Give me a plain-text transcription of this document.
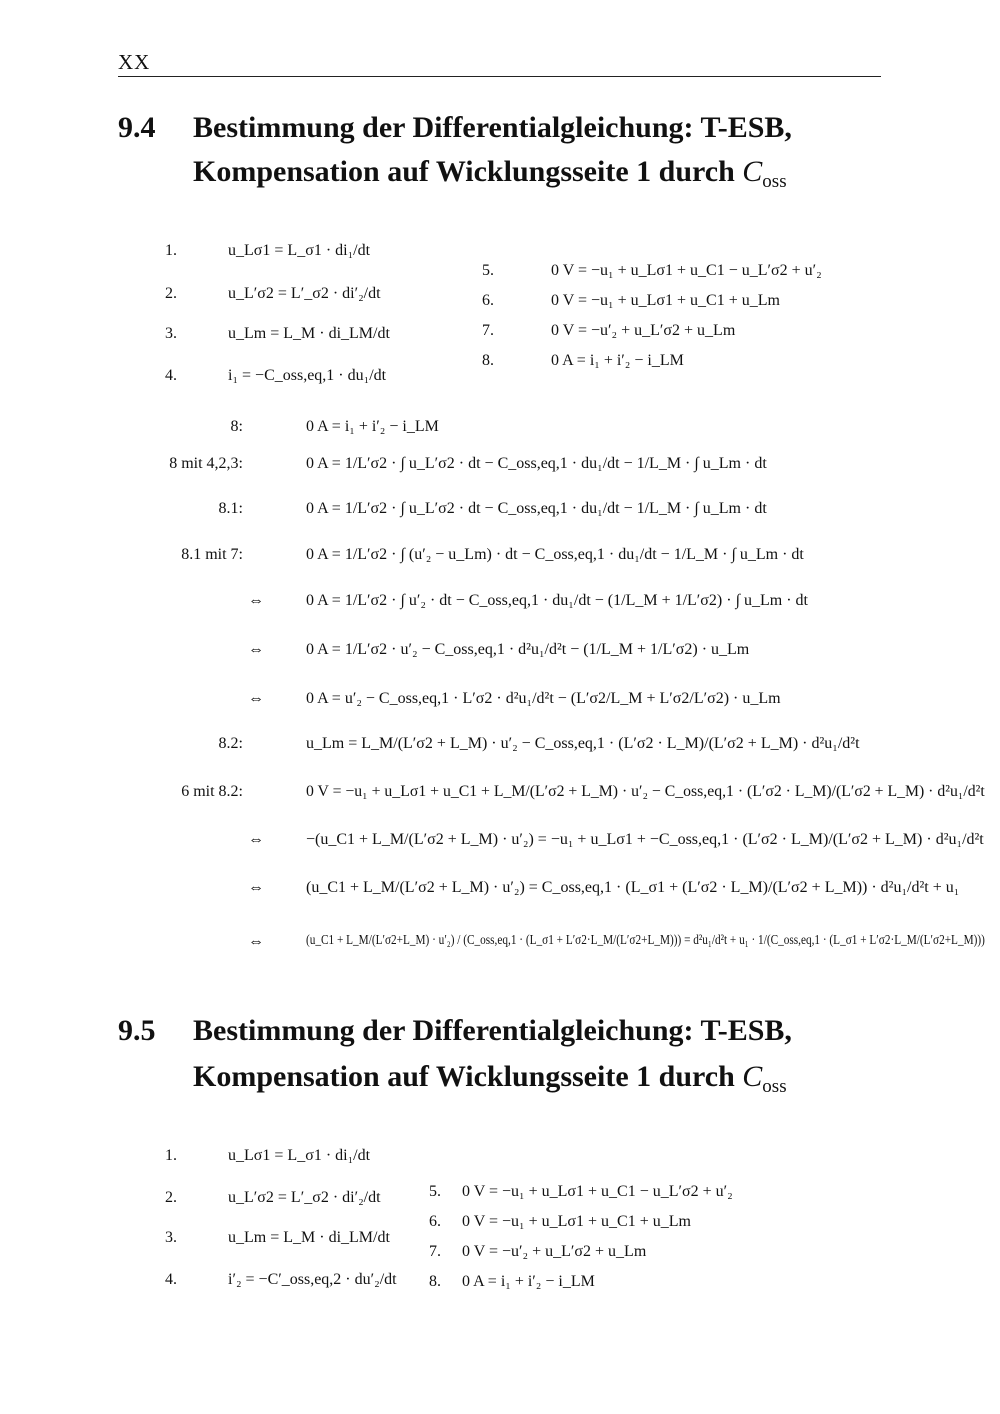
XX
9.4 Bestimmung der Differentialgleichung: T-ESB,
Kompensation auf Wicklungsseite 1 durch $C_{oss}$
1.	u_Lσ1 = L_σ1 · di₁/dt
2.	u_L′σ2 = L′_σ2 · di′₂/dt
3.	u_Lm = L_M · di_LM/dt
4.	i₁ = −C_oss,eq,1 · du₁/dt
5.	0 V = −u₁ + u_Lσ1 + u_C1 − u_L′σ2 + u′₂
6.	0 V = −u₁ + u_Lσ1 + u_C1 + u_Lm
7.	0 V = −u′₂ + u_L′σ2 + u_Lm
8.	0 A = i₁ + i′₂ − i_LM
8:	0 A = i₁ + i′₂ − i_LM
8 mit 4,2,3:	0 A = 1/L′σ2 · ∫ u_L′σ2 · dt − C_oss,eq,1 · du₁/dt − 1/L_M · ∫ u_Lm · dt
8.1:	0 A = 1/L′σ2 · ∫ u_L′σ2 · dt − C_oss,eq,1 · du₁/dt − 1/L_M · ∫ u_Lm · dt
8.1 mit 7:	0 A = 1/L′σ2 · ∫ (u′₂ − u_Lm) · dt − C_oss,eq,1 · du₁/dt − 1/L_M · ∫ u_Lm · dt
⇔	0 A = 1/L′σ2 · ∫ u′₂ · dt − C_oss,eq,1 · du₁/dt − (1/L_M + 1/L′σ2) · ∫ u_Lm · dt
⇔	0 A = 1/L′σ2 · u′₂ − C_oss,eq,1 · d²u₁/d²t − (1/L_M + 1/L′σ2) · u_Lm
⇔	0 A = u′₂ − C_oss,eq,1 · L′σ2 · d²u₁/d²t − (L′σ2/L_M + L′σ2/L′σ2) · u_Lm
8.2:	u_Lm = L_M/(L′σ2 + L_M) · u′₂ − C_oss,eq,1 · (L′σ2 · L_M)/(L′σ2 + L_M) · d²u₁/d²t
6 mit 8.2:	0 V = −u₁ + u_Lσ1 + u_C1 + L_M/(L′σ2 + L_M) · u′₂ − C_oss,eq,1 · (L′σ2 · L_M)/(L′σ2 + L_M) · d²u₁/d²t
⇔	−(u_C1 + L_M/(L′σ2 + L_M) · u′₂) = −u₁ + u_Lσ1 + −C_oss,eq,1 · (L′σ2 · L_M)/(L′σ2 + L_M) · d²u₁/d²t
⇔	(u_C1 + L_M/(L′σ2 + L_M) · u′₂) = C_oss,eq,1 · (L_σ1 + (L′σ2 · L_M)/(L′σ2 + L_M)) · d²u₁/d²t + u₁
⇔	(u_C1 + L_M/(L′σ2+L_M) · u′₂) / (C_oss,eq,1 · (L_σ1 + L′σ2·L_M/(L′σ2+L_M))) = d²u₁/d²t + u₁ · 1/(C_oss,eq,1 · (L_σ1 + L′σ2·L_M/(L′σ2+L_M)))
9.5 Bestimmung der Differentialgleichung: T-ESB,
Kompensation auf Wicklungsseite 1 durch $C_{oss}$
1.	u_Lσ1 = L_σ1 · di₁/dt
2.	u_L′σ2 = L′_σ2 · di′₂/dt
3.	u_Lm = L_M · di_LM/dt
4.	i′₂ = −C′_oss,eq,2 · du′₂/dt
5. 0 V = −u₁ + u_Lσ1 + u_C1 − u_L′σ2 + u′₂
6. 0 V = −u₁ + u_Lσ1 + u_C1 + u_Lm
7. 0 V = −u′₂ + u_L′σ2 + u_Lm
8. 0 A = i₁ + i′₂ − i_LM
